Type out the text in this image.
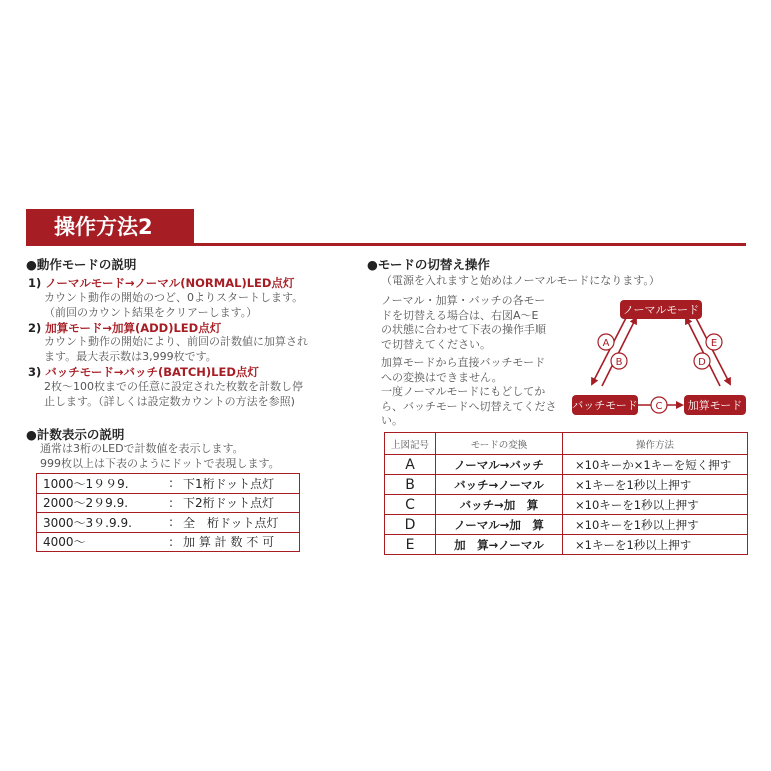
操作方法2
●動作モードの説明
1) ノーマルモード→ノーマル(NORMAL)LED点灯
カウント動作の開始のつど、0よりスタートします。
（前回のカウント結果をクリアーします。）
2) 加算モード→加算(ADD)LED点灯
カウント動作の開始により、前回の計数値に加算され
ます。最大表示数は3,999枚です。
3) バッチモード→バッチ(BATCH)LED点灯
2枚～100枚までの任意に設定された枚数を計数し停
止します。（詳しくは設定数カウントの方法を参照)
●計数表示の説明
通常は3桁のLEDで計数値を表示します。
999枚以上は下表のようにドットで表現します。
1000～1９９9.	:	下1桁ドット点灯
2000～2９9.9.	:	下2桁ドット点灯
3000～3９.9.9.	:	全　桁ドット点灯
4000～	:	加 算 計 数 不 可
●モードの切替え操作
（電源を入れますと始めはノーマルモードになります。）
ノーマル・加算・バッチの各モー
ドを切替える場合は、右図A～E
の状態に合わせて下表の操作手順
で切替えてください。
加算モードから直接バッチモード
への変換はできません。
一度ノーマルモードにもどしてか
ら、バッチモードへ切替えてくださ
い。
ノーマルモード
バッチモード	加算モード
A
B
C
D
E
上図記号	モードの変換	操作方法
A	ノーマル→バッチ	×10キーか×1キーを短く押す
B	バッチ→ノーマル	×1キーを1秒以上押す
C	バッチ→加　算	×10キーを1秒以上押す
D	ノーマル→加　算	×10キーを1秒以上押す
E	加　算→ノーマル	×1キーを1秒以上押す
